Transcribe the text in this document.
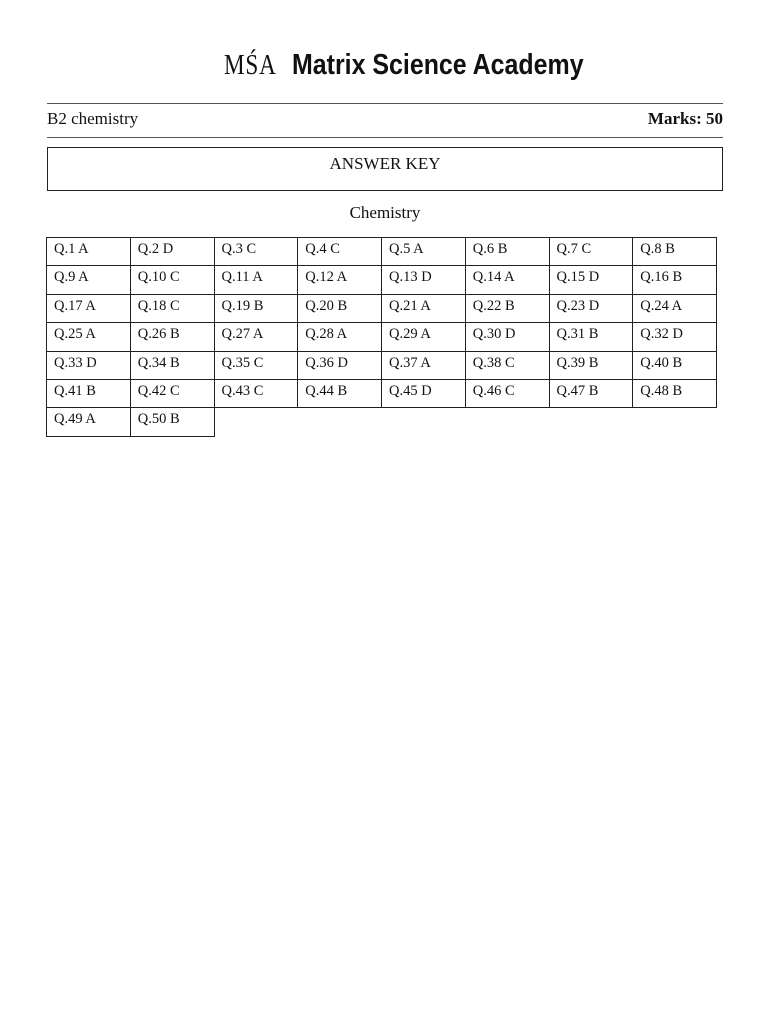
MŚA Matrix Science Academy
B2 chemistry	Marks: 50
ANSWER KEY
Chemistry
Q.1 A	Q.2 D	Q.3 C	Q.4 C	Q.5 A	Q.6 B	Q.7 C	Q.8 B
Q.9 A	Q.10 C	Q.11 A	Q.12 A	Q.13 D	Q.14 A	Q.15 D	Q.16 B
Q.17 A	Q.18 C	Q.19 B	Q.20 B	Q.21 A	Q.22 B	Q.23 D	Q.24 A
Q.25 A	Q.26 B	Q.27 A	Q.28 A	Q.29 A	Q.30 D	Q.31 B	Q.32 D
Q.33 D	Q.34 B	Q.35 C	Q.36 D	Q.37 A	Q.38 C	Q.39 B	Q.40 B
Q.41 B	Q.42 C	Q.43 C	Q.44 B	Q.45 D	Q.46 C	Q.47 B	Q.48 B
Q.49 A	Q.50 B
